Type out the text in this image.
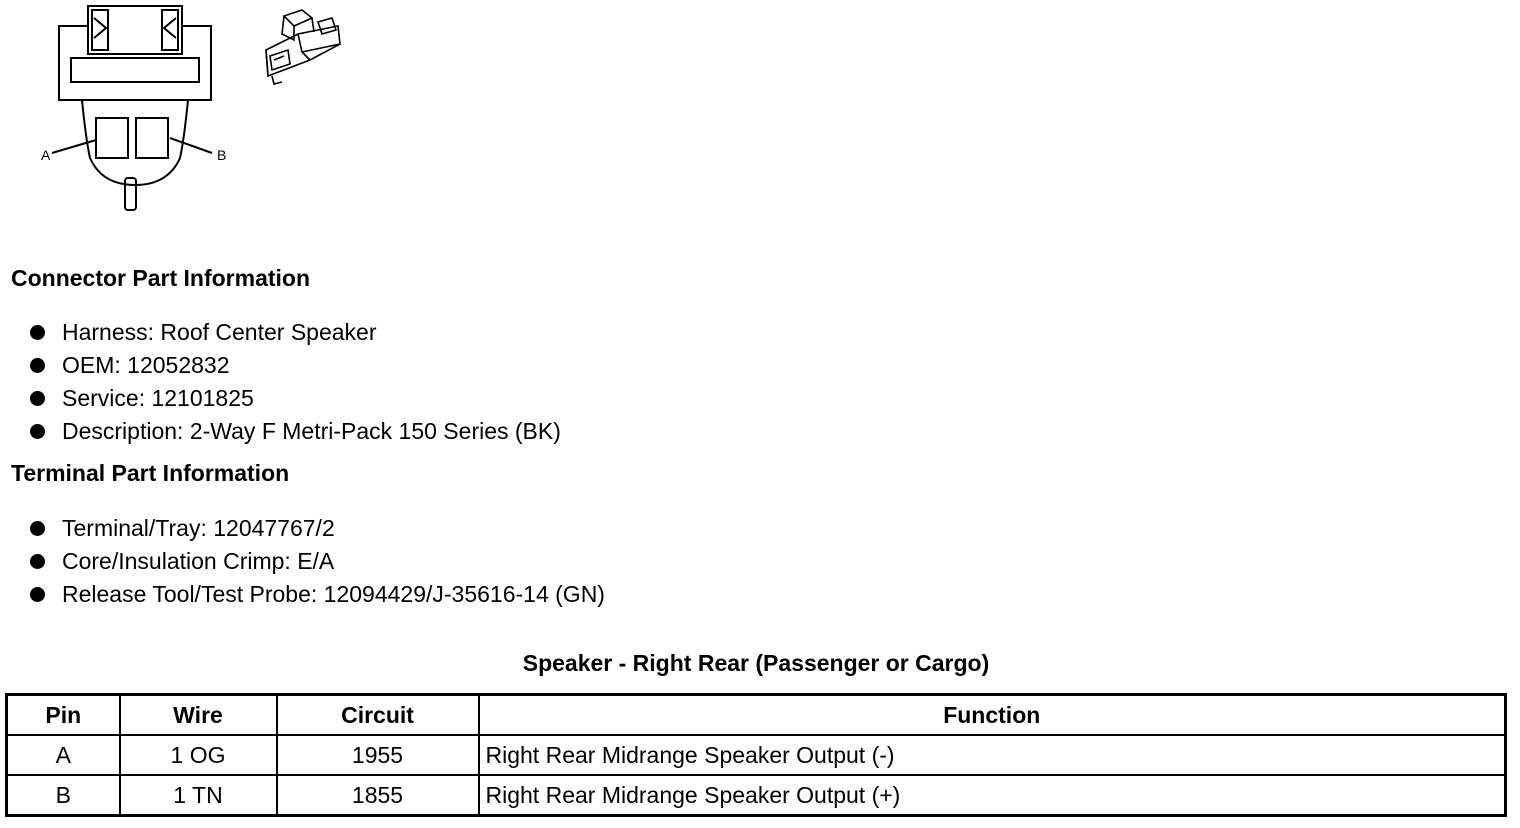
A	B
Connector Part Information
Harness: Roof Center Speaker
OEM: 12052832
Service: 12101825
Description: 2-Way F Metri-Pack 150 Series (BK)
Terminal Part Information
Terminal/Tray: 12047767/2
Core/Insulation Crimp: E/A
Release Tool/Test Probe: 12094429/J-35616-14 (GN)
Speaker - Right Rear (Passenger or Cargo)
Pin	Wire	Circuit	Function
A	1 OG	1955	Right Rear Midrange Speaker Output (-)
B	1 TN	1855	Right Rear Midrange Speaker Output (+)
